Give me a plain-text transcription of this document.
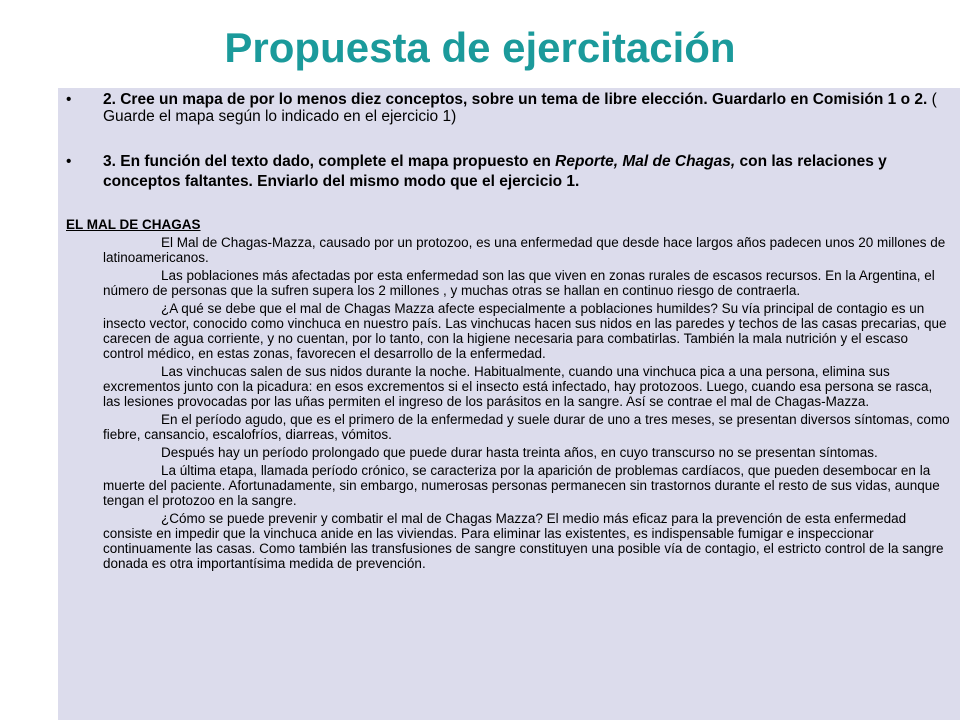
Propuesta de ejercitación
• 2. Cree un mapa de por lo menos diez conceptos, sobre un tema de libre elección. Guardarlo en Comisión 1 o 2. ( Guarde el mapa según lo indicado en el ejercicio 1)
• 3. En función del texto dado, complete el mapa propuesto en Reporte, Mal de Chagas, con las relaciones y conceptos faltantes. Enviarlo del mismo modo que el ejercicio 1.
EL MAL DE CHAGAS

El Mal de Chagas-Mazza, causado por un protozoo, es una enfermedad que desde hace largos años padecen unos 20 millones de latinoamericanos.

Las poblaciones más afectadas por esta enfermedad son las que viven en zonas rurales de escasos recursos. En la Argentina, el número de personas que la sufren supera los 2 millones , y muchas otras se hallan en continuo riesgo de contraerla.

¿A qué se debe que el mal de Chagas Mazza afecte especialmente a poblaciones humildes? Su vía principal de contagio es un insecto vector, conocido como vinchuca en nuestro país. Las vinchucas hacen sus nidos en las paredes y techos de las casas precarias, que carecen de agua corriente, y no cuentan, por lo tanto, con la higiene necesaria para combatirlas. También la mala nutrición y el escaso control médico, en estas zonas, favorecen el desarrollo de la enfermedad.

Las vinchucas salen de sus nidos durante la noche. Habitualmente, cuando una vinchuca pica a una persona, elimina sus excrementos junto con la picadura: en esos excrementos si el insecto está infectado, hay protozoos. Luego, cuando esa persona se rasca, las lesiones provocadas por las uñas permiten el ingreso de los parásitos en la sangre. Así se contrae el mal de Chagas-Mazza.

En el período agudo, que es el primero de la enfermedad y suele durar de uno a tres meses, se presentan diversos síntomas, como fiebre, cansancio, escalofríos, diarreas, vómitos.

Después hay un período prolongado que puede durar hasta treinta años, en cuyo transcurso no se presentan síntomas.

La última etapa, llamada período crónico, se caracteriza por la aparición de problemas cardíacos, que pueden desembocar en la muerte del paciente. Afortunadamente, sin embargo, numerosas personas permanecen sin trastornos durante el resto de sus vidas, aunque tengan el protozoo en la sangre.

¿Cómo se puede prevenir y combatir el mal de Chagas Mazza? El medio más eficaz para la prevención de esta enfermedad consiste en impedir que la vinchuca anide en las viviendas. Para eliminar las existentes, es indispensable fumigar e inspeccionar continuamente las casas. Como también las transfusiones de sangre constituyen una posible vía de contagio, el estricto control de la sangre donada es otra importantísima medida de prevención.
